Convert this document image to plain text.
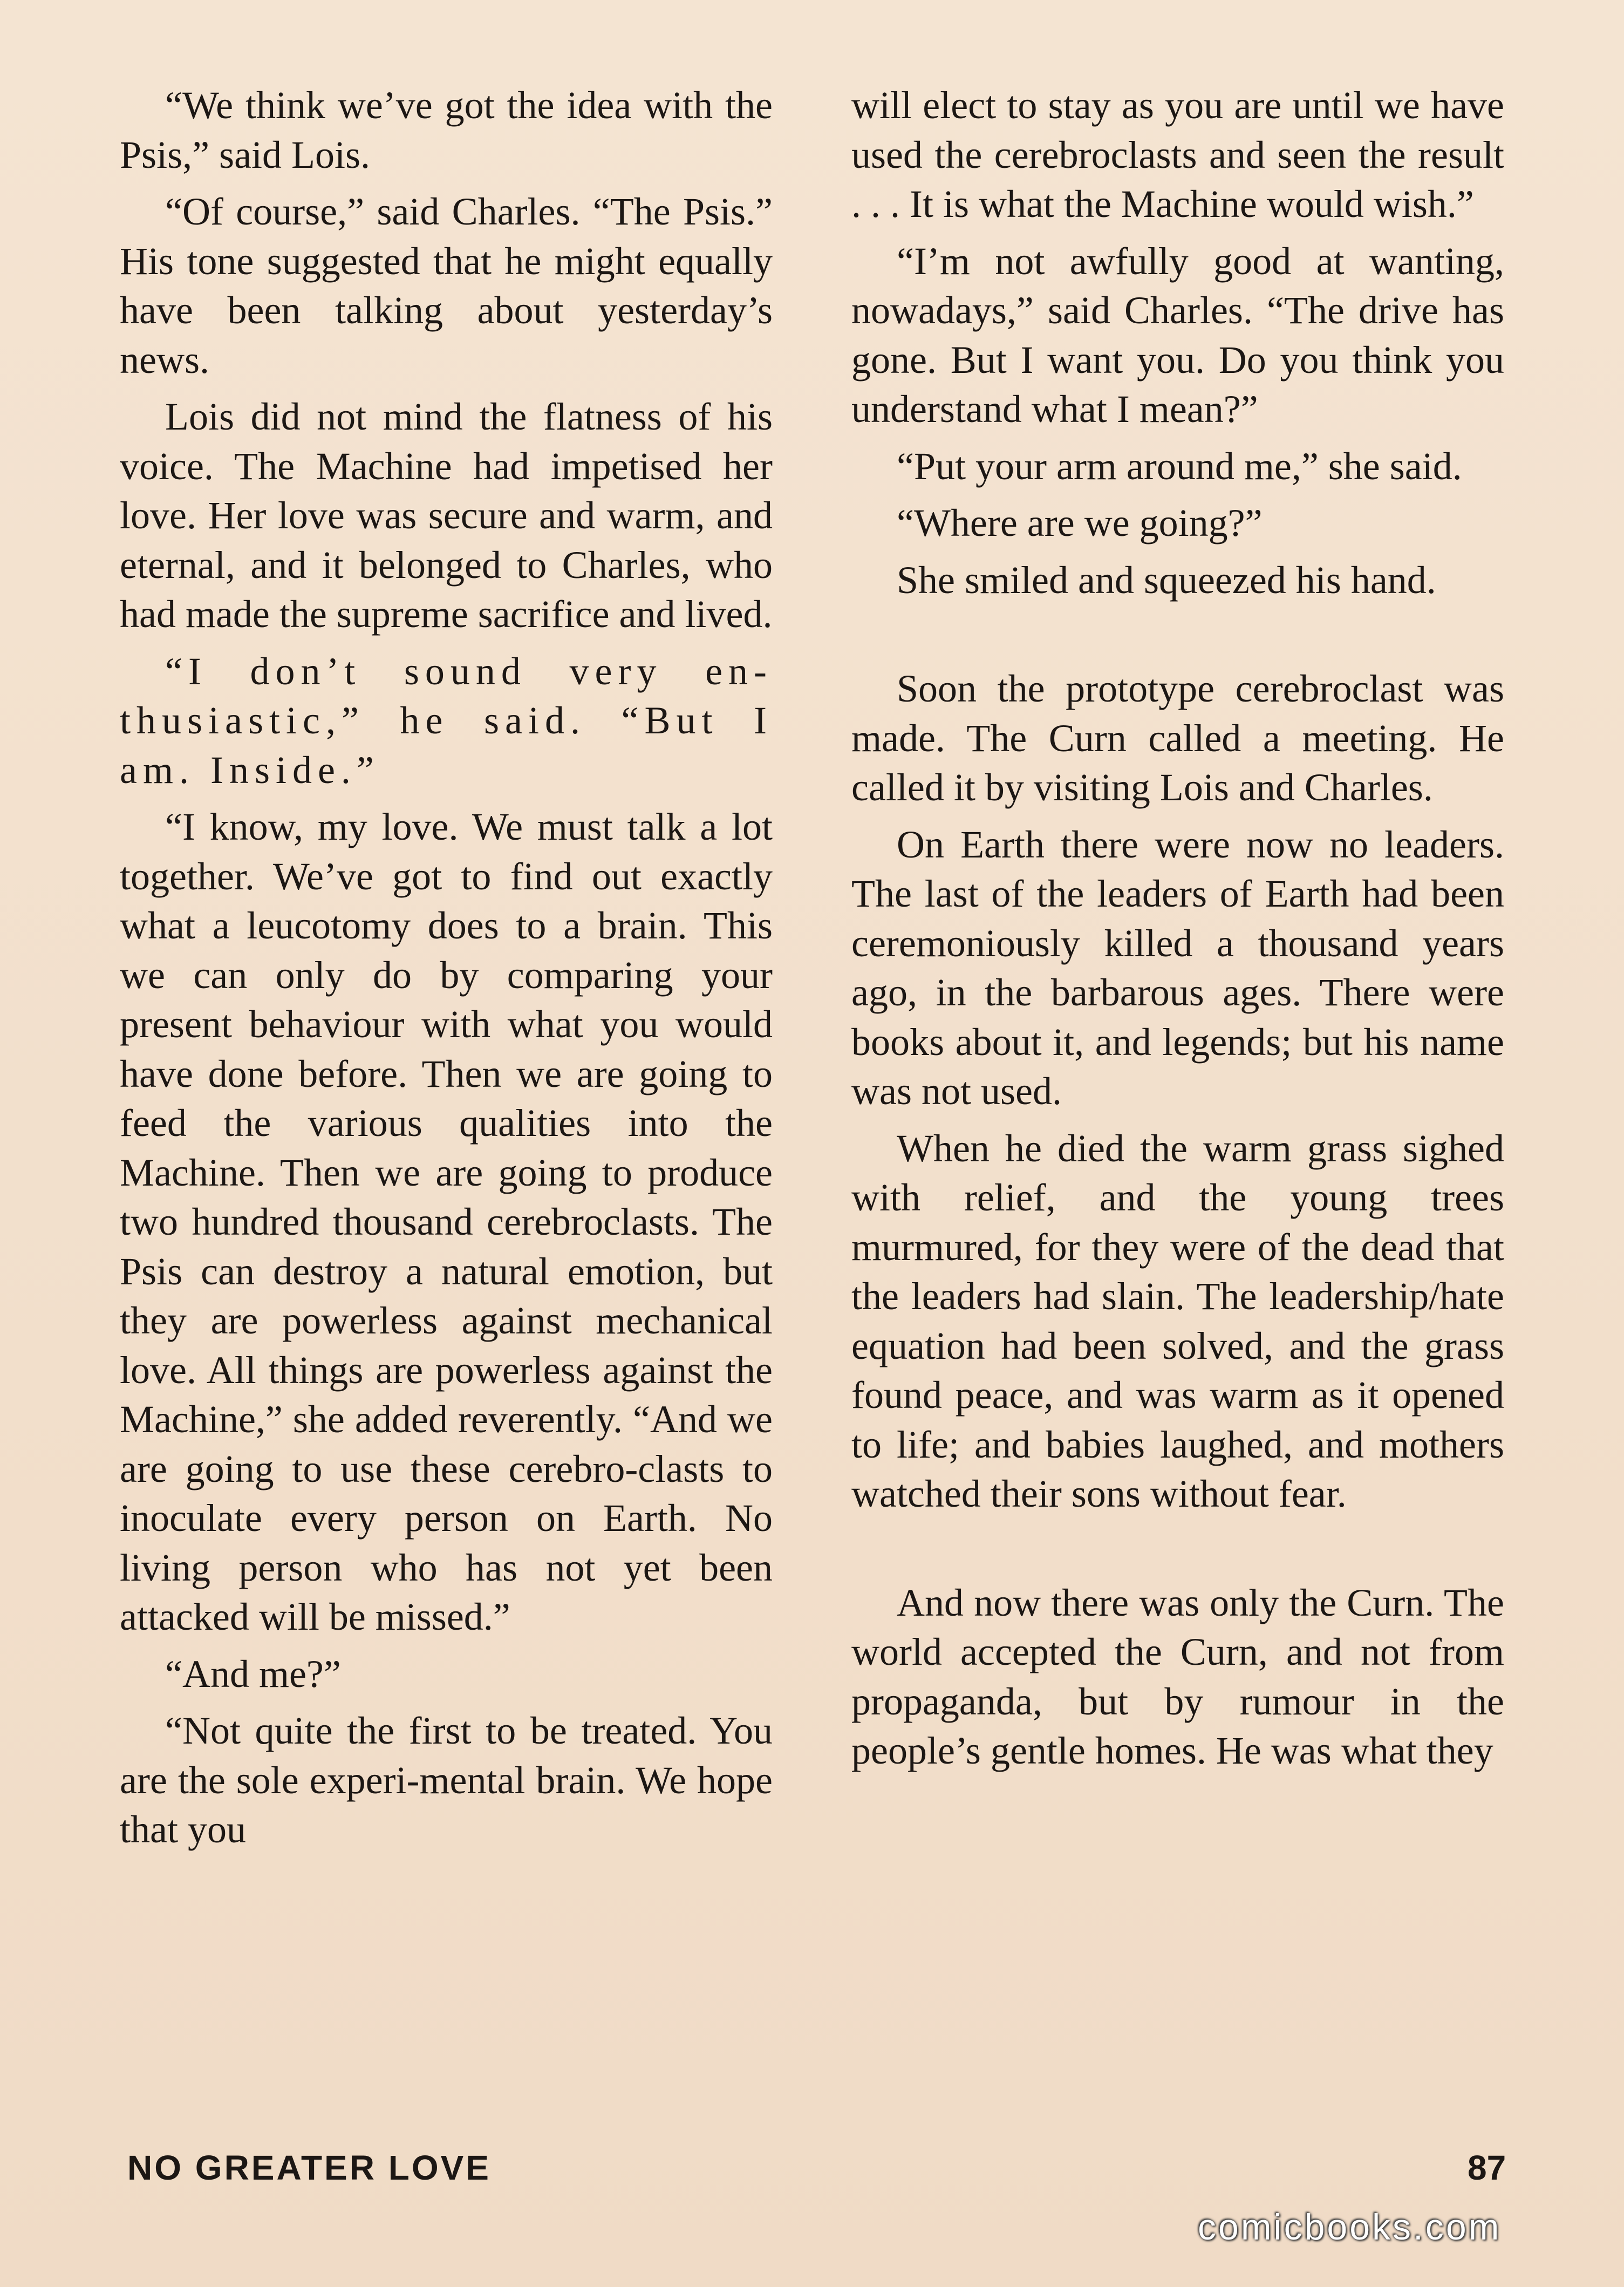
“We think we’ve got the idea with the Psis,” said Lois.

“Of course,” said Charles. “The Psis.” His tone suggested that he might equally have been talking about yesterday’s news.

Lois did not mind the flatness of his voice. The Machine had impetised her love. Her love was secure and warm, and eternal, and it belonged to Charles, who had made the supreme sacrifice and lived.

“I don’t sound very en-thusiastic,” he said. “But I am. Inside.”

“I know, my love. We must talk a lot together. We’ve got to find out exactly what a leucotomy does to a brain. This we can only do by comparing your present behaviour with what you would have done before. Then we are going to feed the various qualities into the Machine. Then we are going to produce two hundred thousand cerebroclasts. The Psis can destroy a natural emotion, but they are powerless against mechanical love. All things are powerless against the Machine,” she added reverently. “And we are going to use these cerebro-clasts to inoculate every person on Earth. No living person who has not yet been attacked will be missed.”

“And me?”

“Not quite the first to be treated. You are the sole experi-mental brain. We hope that you

will elect to stay as you are until we have used the cerebroclasts and seen the result . . . It is what the Machine would wish.”

“I’m not awfully good at wanting, nowadays,” said Charles. “The drive has gone. But I want you. Do you think you understand what I mean?”

“Put your arm around me,” she said.

“Where are we going?”

She smiled and squeezed his hand.

Soon the prototype cerebroclast was made. The Curn called a meeting. He called it by visiting Lois and Charles.

On Earth there were now no leaders. The last of the leaders of Earth had been ceremoniously killed a thousand years ago, in the barbarous ages. There were books about it, and legends; but his name was not used.

When he died the warm grass sighed with relief, and the young trees murmured, for they were of the dead that the leaders had slain. The leadership/hate equation had been solved, and the grass found peace, and was warm as it opened to life; and babies laughed, and mothers watched their sons without fear.

And now there was only the Curn. The world accepted the Curn, and not from propaganda, but by rumour in the people’s gentle homes. He was what they

NO GREATER LOVE	87
comicbooks.com
